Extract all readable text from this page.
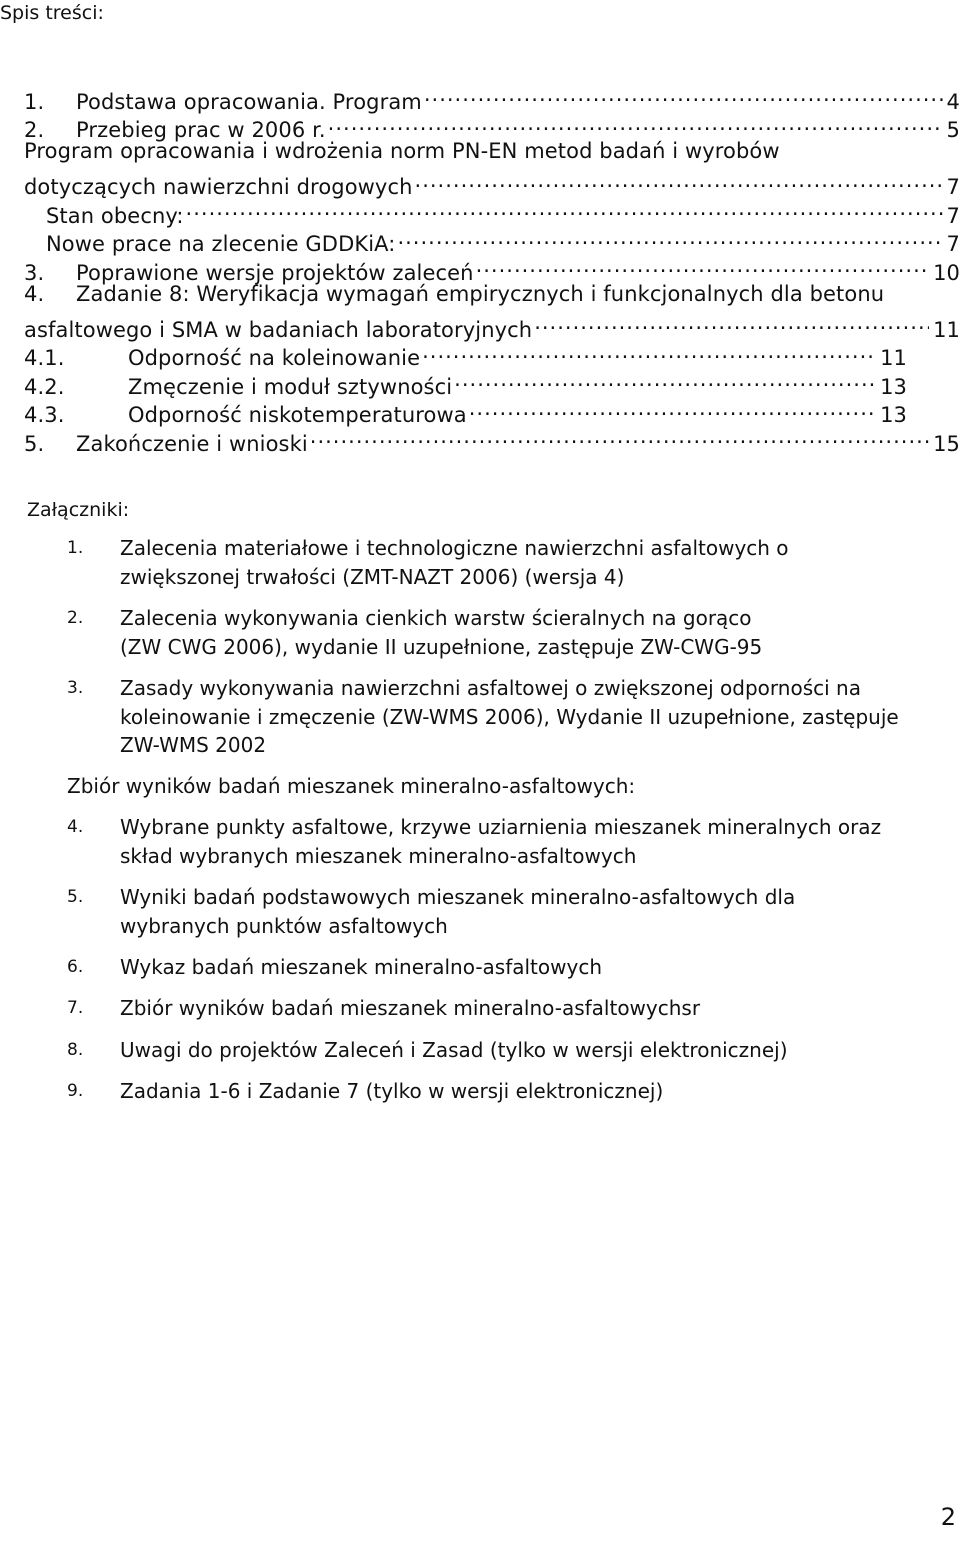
Spis treści:
1.	Podstawa opracowania. Program .....	4
2.	Przebieg prac w 2006 r. .....	5
Program opracowania i wdrożenia norm PN-EN metod badań i wyrobów
dotyczących nawierzchni drogowych .....	7
Stan obecny: .....	7
Nowe prace na zlecenie GDDKiA: .....	7
3.	Poprawione wersje projektów zaleceń .....	10
4.	Zadanie 8: Weryfikacja wymagań empirycznych i funkcjonalnych dla betonu
asfaltowego i SMA w badaniach laboratoryjnych .....	11
4.1.	Odporność na koleinowanie .....	11
4.2.	Zmęczenie i moduł sztywności .....	13
4.3.	Odporność niskotemperaturowa .....	13
5.	Zakończenie i wnioski .....	15
Załączniki:
1. Zalecenia materiałowe i technologiczne nawierzchni asfaltowych o
zwiększonej trwałości (ZMT-NAZT 2006) (wersja 4)
2. Zalecenia wykonywania cienkich warstw ścieralnych na gorąco
(ZW CWG 2006), wydanie II uzupełnione, zastępuje ZW-CWG-95
3. Zasady wykonywania nawierzchni asfaltowej o zwiększonej odporności na
koleinowanie i zmęczenie (ZW-WMS 2006), Wydanie II uzupełnione, zastępuje
ZW-WMS 2002
Zbiór wyników badań mieszanek mineralno-asfaltowych:
4. Wybrane punkty asfaltowe, krzywe uziarnienia mieszanek mineralnych oraz
skład wybranych mieszanek mineralno-asfaltowych
5. Wyniki badań podstawowych mieszanek mineralno-asfaltowych dla
wybranych punktów asfaltowych
6. Wykaz badań mieszanek mineralno-asfaltowych
7. Zbiór wyników badań mieszanek mineralno-asfaltowychsr
8. Uwagi do projektów Zaleceń i Zasad (tylko w wersji elektronicznej)
9. Zadania 1-6 i Zadanie 7 (tylko w wersji elektronicznej)
2
